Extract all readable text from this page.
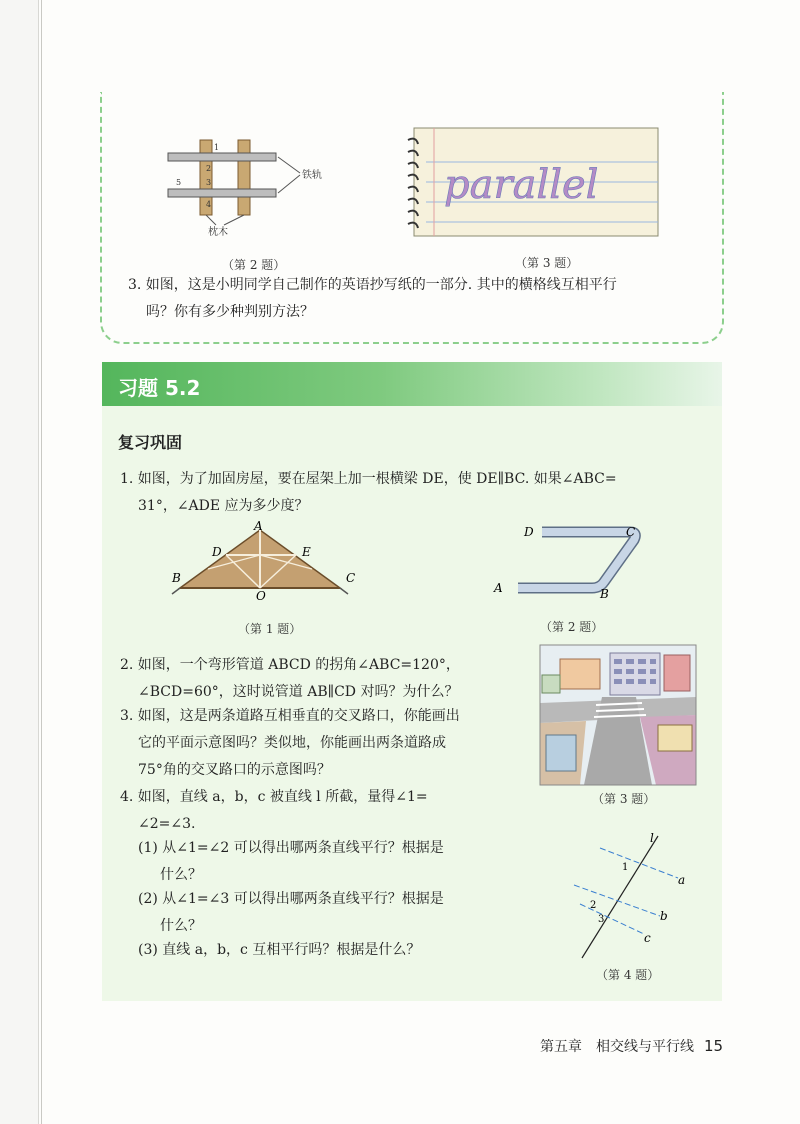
铁轨
1
2
3
4
5
枕木
（第 2 题）
parallel
（第 3 题）
3. 如图，这是小明同学自己制作的英语抄写纸的一部分. 其中的横格线互相平行
吗？你有多少种判别方法？
习题 5.2
复习巩固
1. 如图，为了加固房屋，要在屋架上加一根横梁 DE，使 DE∥BC. 如果∠ABC=
31°，∠ADE 应为多少度？
A
D	E
B	C
O
（第 1 题）
D	C
A	B
（第 2 题）
2. 如图，一个弯形管道 ABCD 的拐角∠ABC=120°，
∠BCD=60°，这时说管道 AB∥CD 对吗？为什么？
（第 3 题）
3. 如图，这是两条道路互相垂直的交叉路口，你能画出
它的平面示意图吗？类似地，你能画出两条道路成
75°角的交叉路口的示意图吗？
4. 如图，直线 a，b，c 被直线 l 所截，量得∠1=
∠2=∠3.
(1) 从∠1=∠2 可以得出哪两条直线平行？根据是
什么？
(2) 从∠1=∠3 可以得出哪两条直线平行？根据是
什么？
(3) 直线 a，b，c 互相平行吗？根据是什么？
l
a
b
c
1
2
3
（第 4 题）
第五章　相交线与平行线 15
